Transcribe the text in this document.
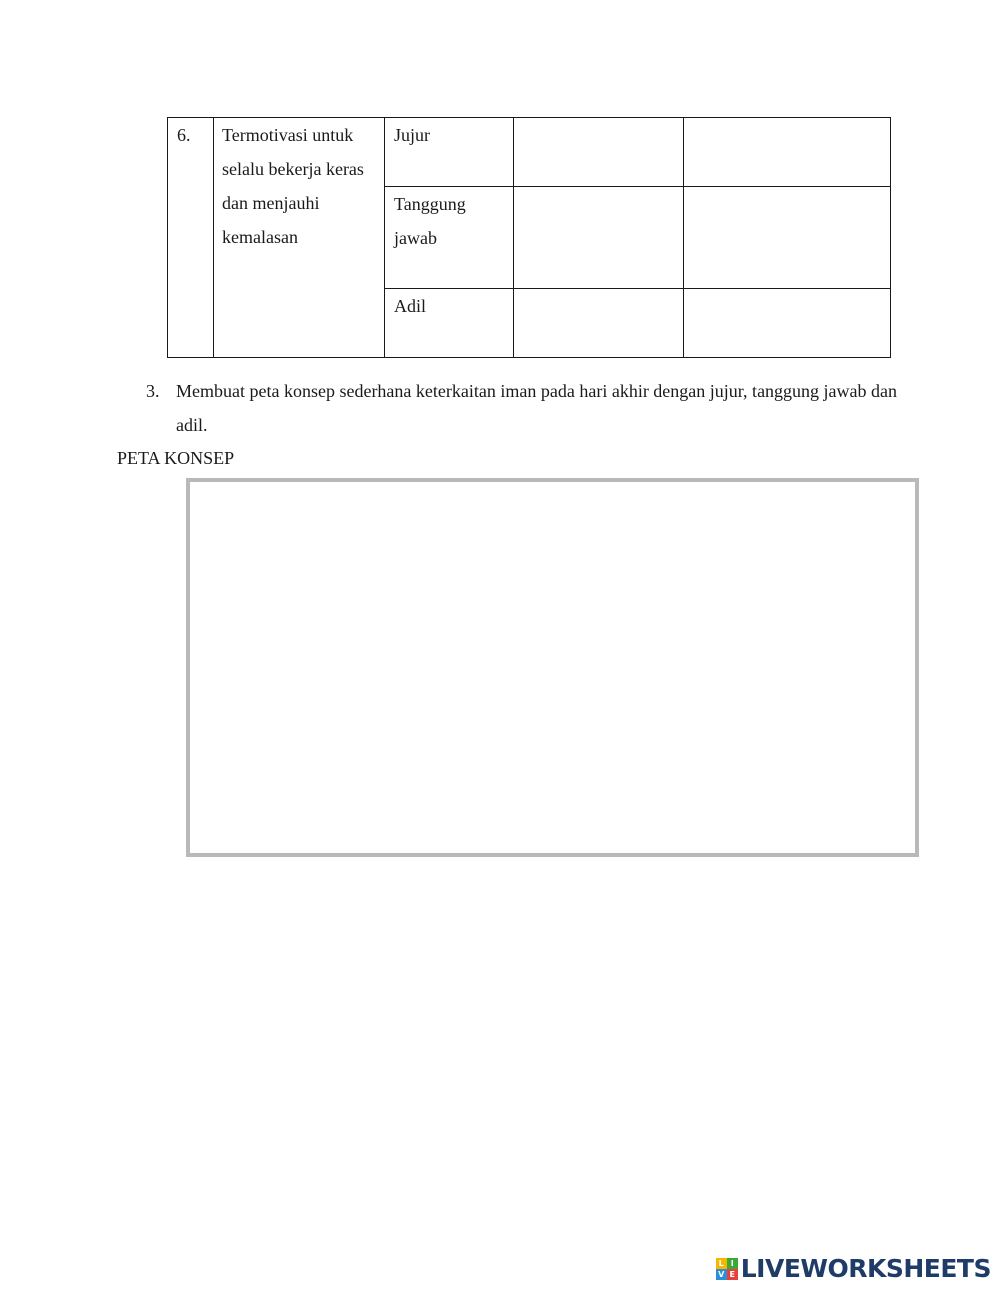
6.	Termotivasi untuk selalu bekerja keras dan menjauhi kemalasan	Jujur		
		Tanggung jawab		
		Adil		
3. Membuat peta konsep sederhana keterkaitan iman pada hari akhir dengan jujur, tanggung jawab dan adil.
PETA KONSEP
L I
V E LIVEWORKSHEETS
